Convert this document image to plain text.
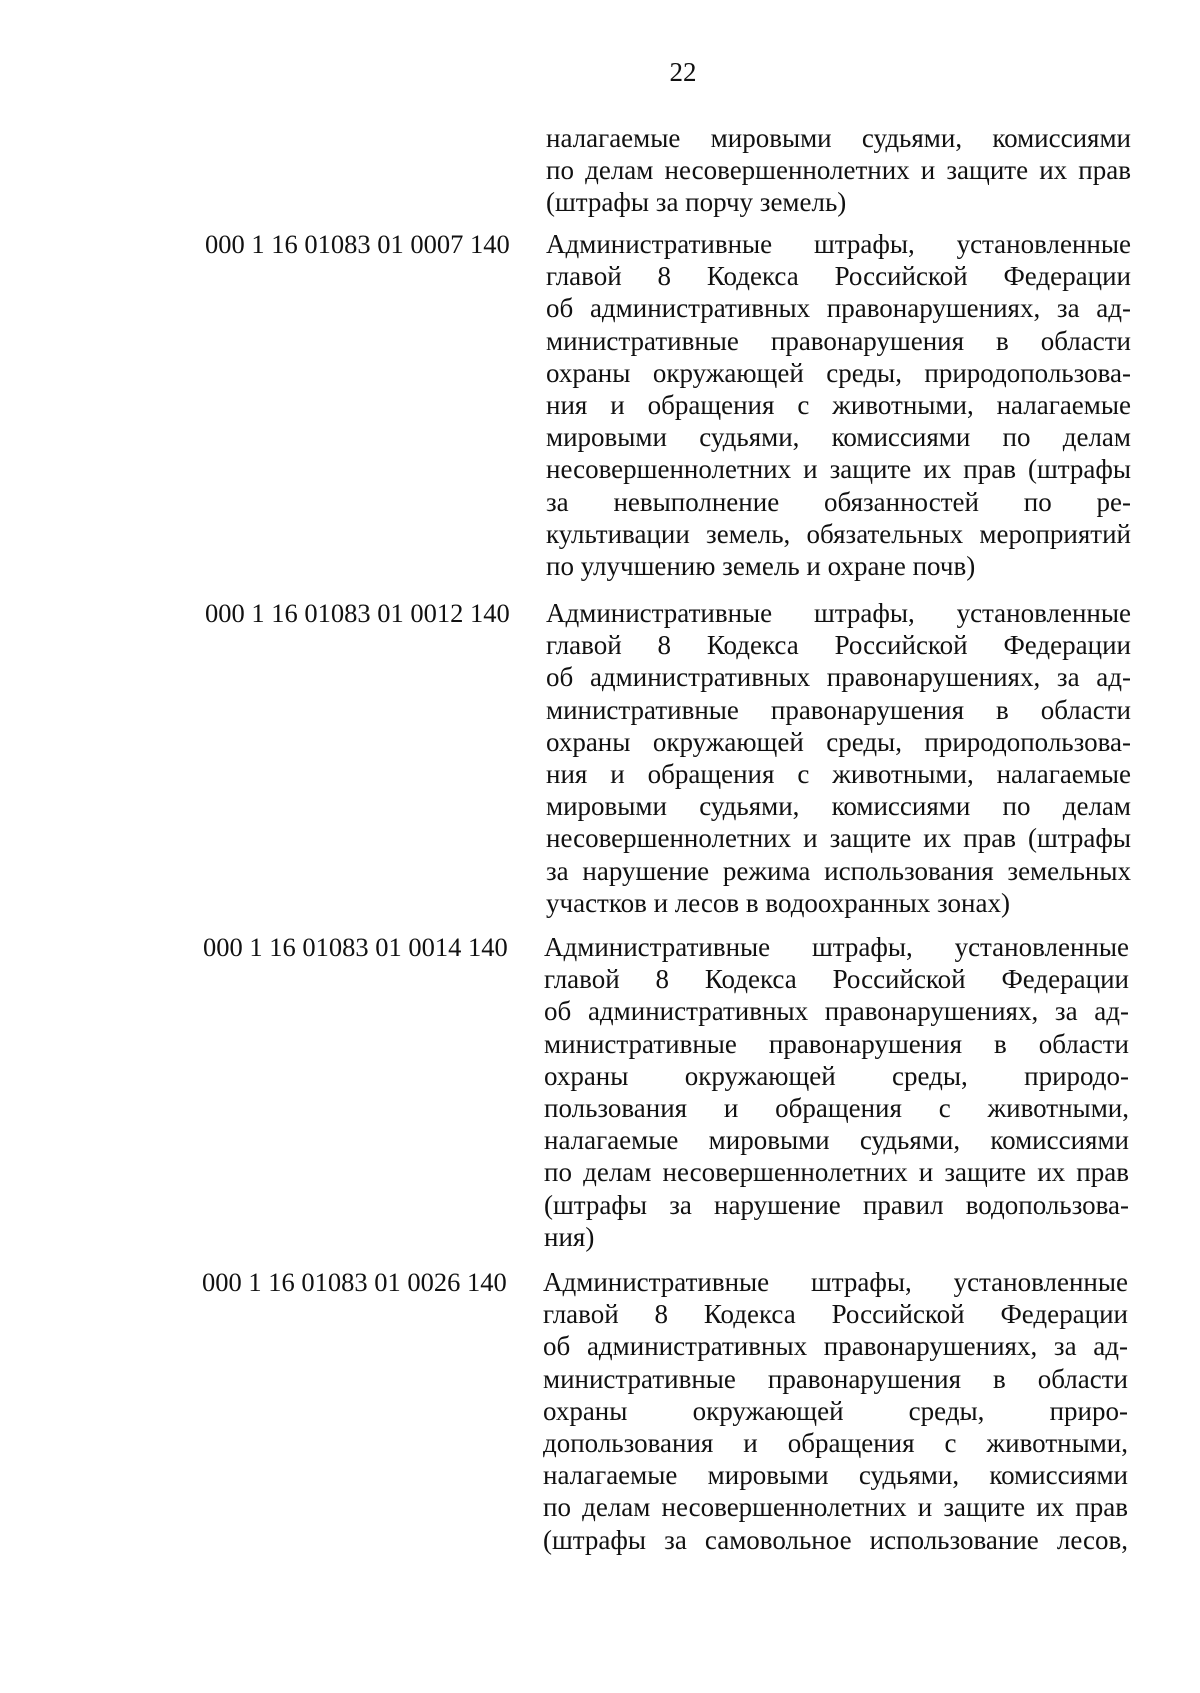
22
налагаемые мировыми судьями, комиссиями
по делам несовершеннолетних и защите их прав
(штрафы за порчу земель)
000 1 16 01083 01 0007 140 Административные штрафы, установленные
главой 8 Кодекса Российской Федерации
об административных правонарушениях, за ад-
министративные правонарушения в области
охраны окружающей среды, природопользова-
ния и обращения с животными, налагаемые
мировыми судьями, комиссиями по делам
несовершеннолетних и защите их прав (штрафы
за невыполнение обязанностей по ре-
культивации земель, обязательных мероприятий
по улучшению земель и охране почв)
000 1 16 01083 01 0012 140 Административные штрафы, установленные
главой 8 Кодекса Российской Федерации
об административных правонарушениях, за ад-
министративные правонарушения в области
охраны окружающей среды, природопользова-
ния и обращения с животными, налагаемые
мировыми судьями, комиссиями по делам
несовершеннолетних и защите их прав (штрафы
за нарушение режима использования земельных
участков и лесов в водоохранных зонах)
000 1 16 01083 01 0014 140 Административные штрафы, установленные
главой 8 Кодекса Российской Федерации
об административных правонарушениях, за ад-
министративные правонарушения в области
охраны окружающей среды, природо-
пользования и обращения с животными,
налагаемые мировыми судьями, комиссиями
по делам несовершеннолетних и защите их прав
(штрафы за нарушение правил водопользова-
ния)
000 1 16 01083 01 0026 140 Административные штрафы, установленные
главой 8 Кодекса Российской Федерации
об административных правонарушениях, за ад-
министративные правонарушения в области
охраны окружающей среды, приро-
допользования и обращения с животными,
налагаемые мировыми судьями, комиссиями
по делам несовершеннолетних и защите их прав
(штрафы за самовольное использование лесов,
